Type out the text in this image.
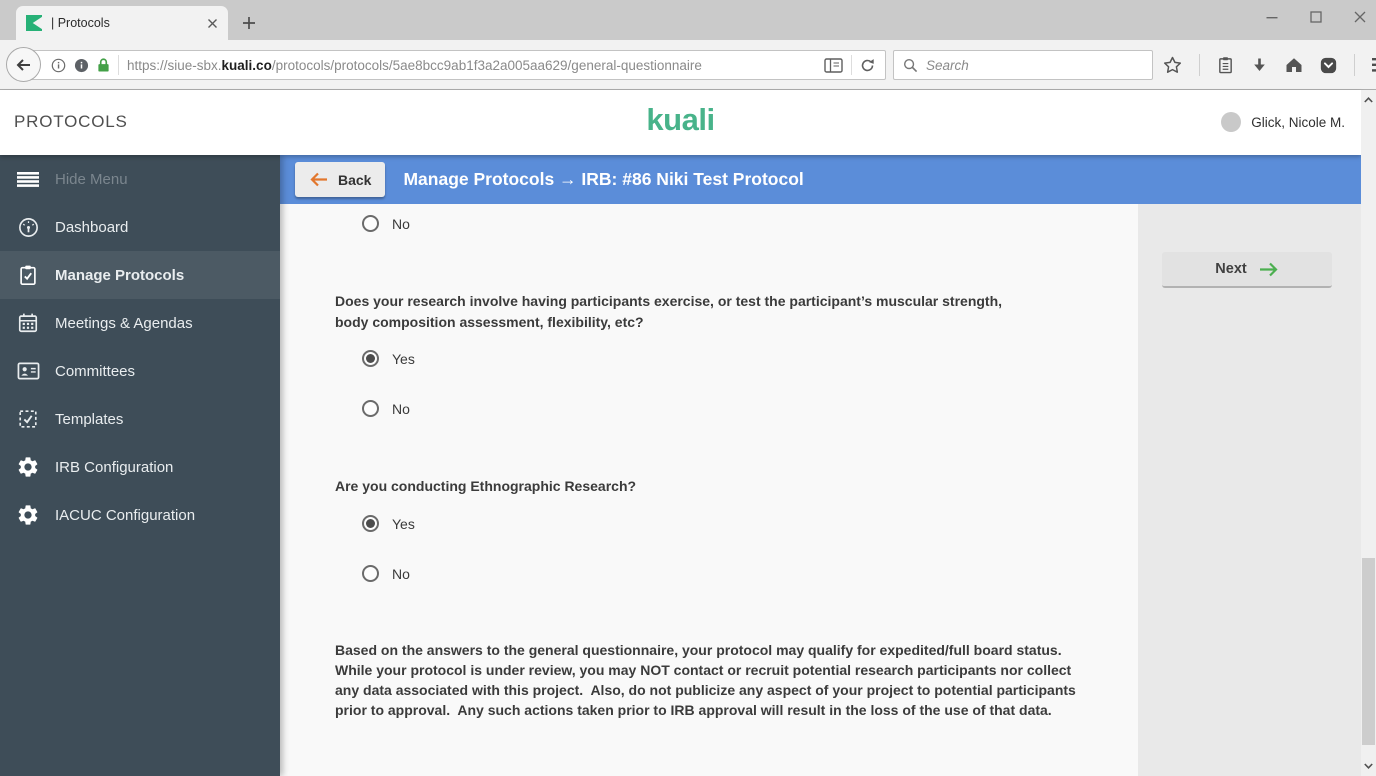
| Protocols
https://siue-sbx.kuali.co/protocols/protocols/5ae8bcc9ab1f3a2a005aa629/general-questionnaire	Search
PROTOCOLS	kuali	Glick, Nicole M.
Hide Menu
Dashboard
Manage Protocols
Meetings & Agendas
Committees
Templates
IRB Configuration
IACUC Configuration
Back Manage Protocols → IRB: #86 Niki Test Protocol
No
Does your research involve having participants exercise, or test the participant’s muscular strength, body composition assessment, flexibility, etc?
Yes
No
Are you conducting Ethnographic Research?
Yes
No
Based on the answers to the general questionnaire, your protocol may qualify for expedited/full board status. While your protocol is under review, you may NOT contact or recruit potential research participants nor collect any data associated with this project.  Also, do not publicize any aspect of your project to potential participants prior to approval.  Any such actions taken prior to IRB approval will result in the loss of the use of that data.
Next
